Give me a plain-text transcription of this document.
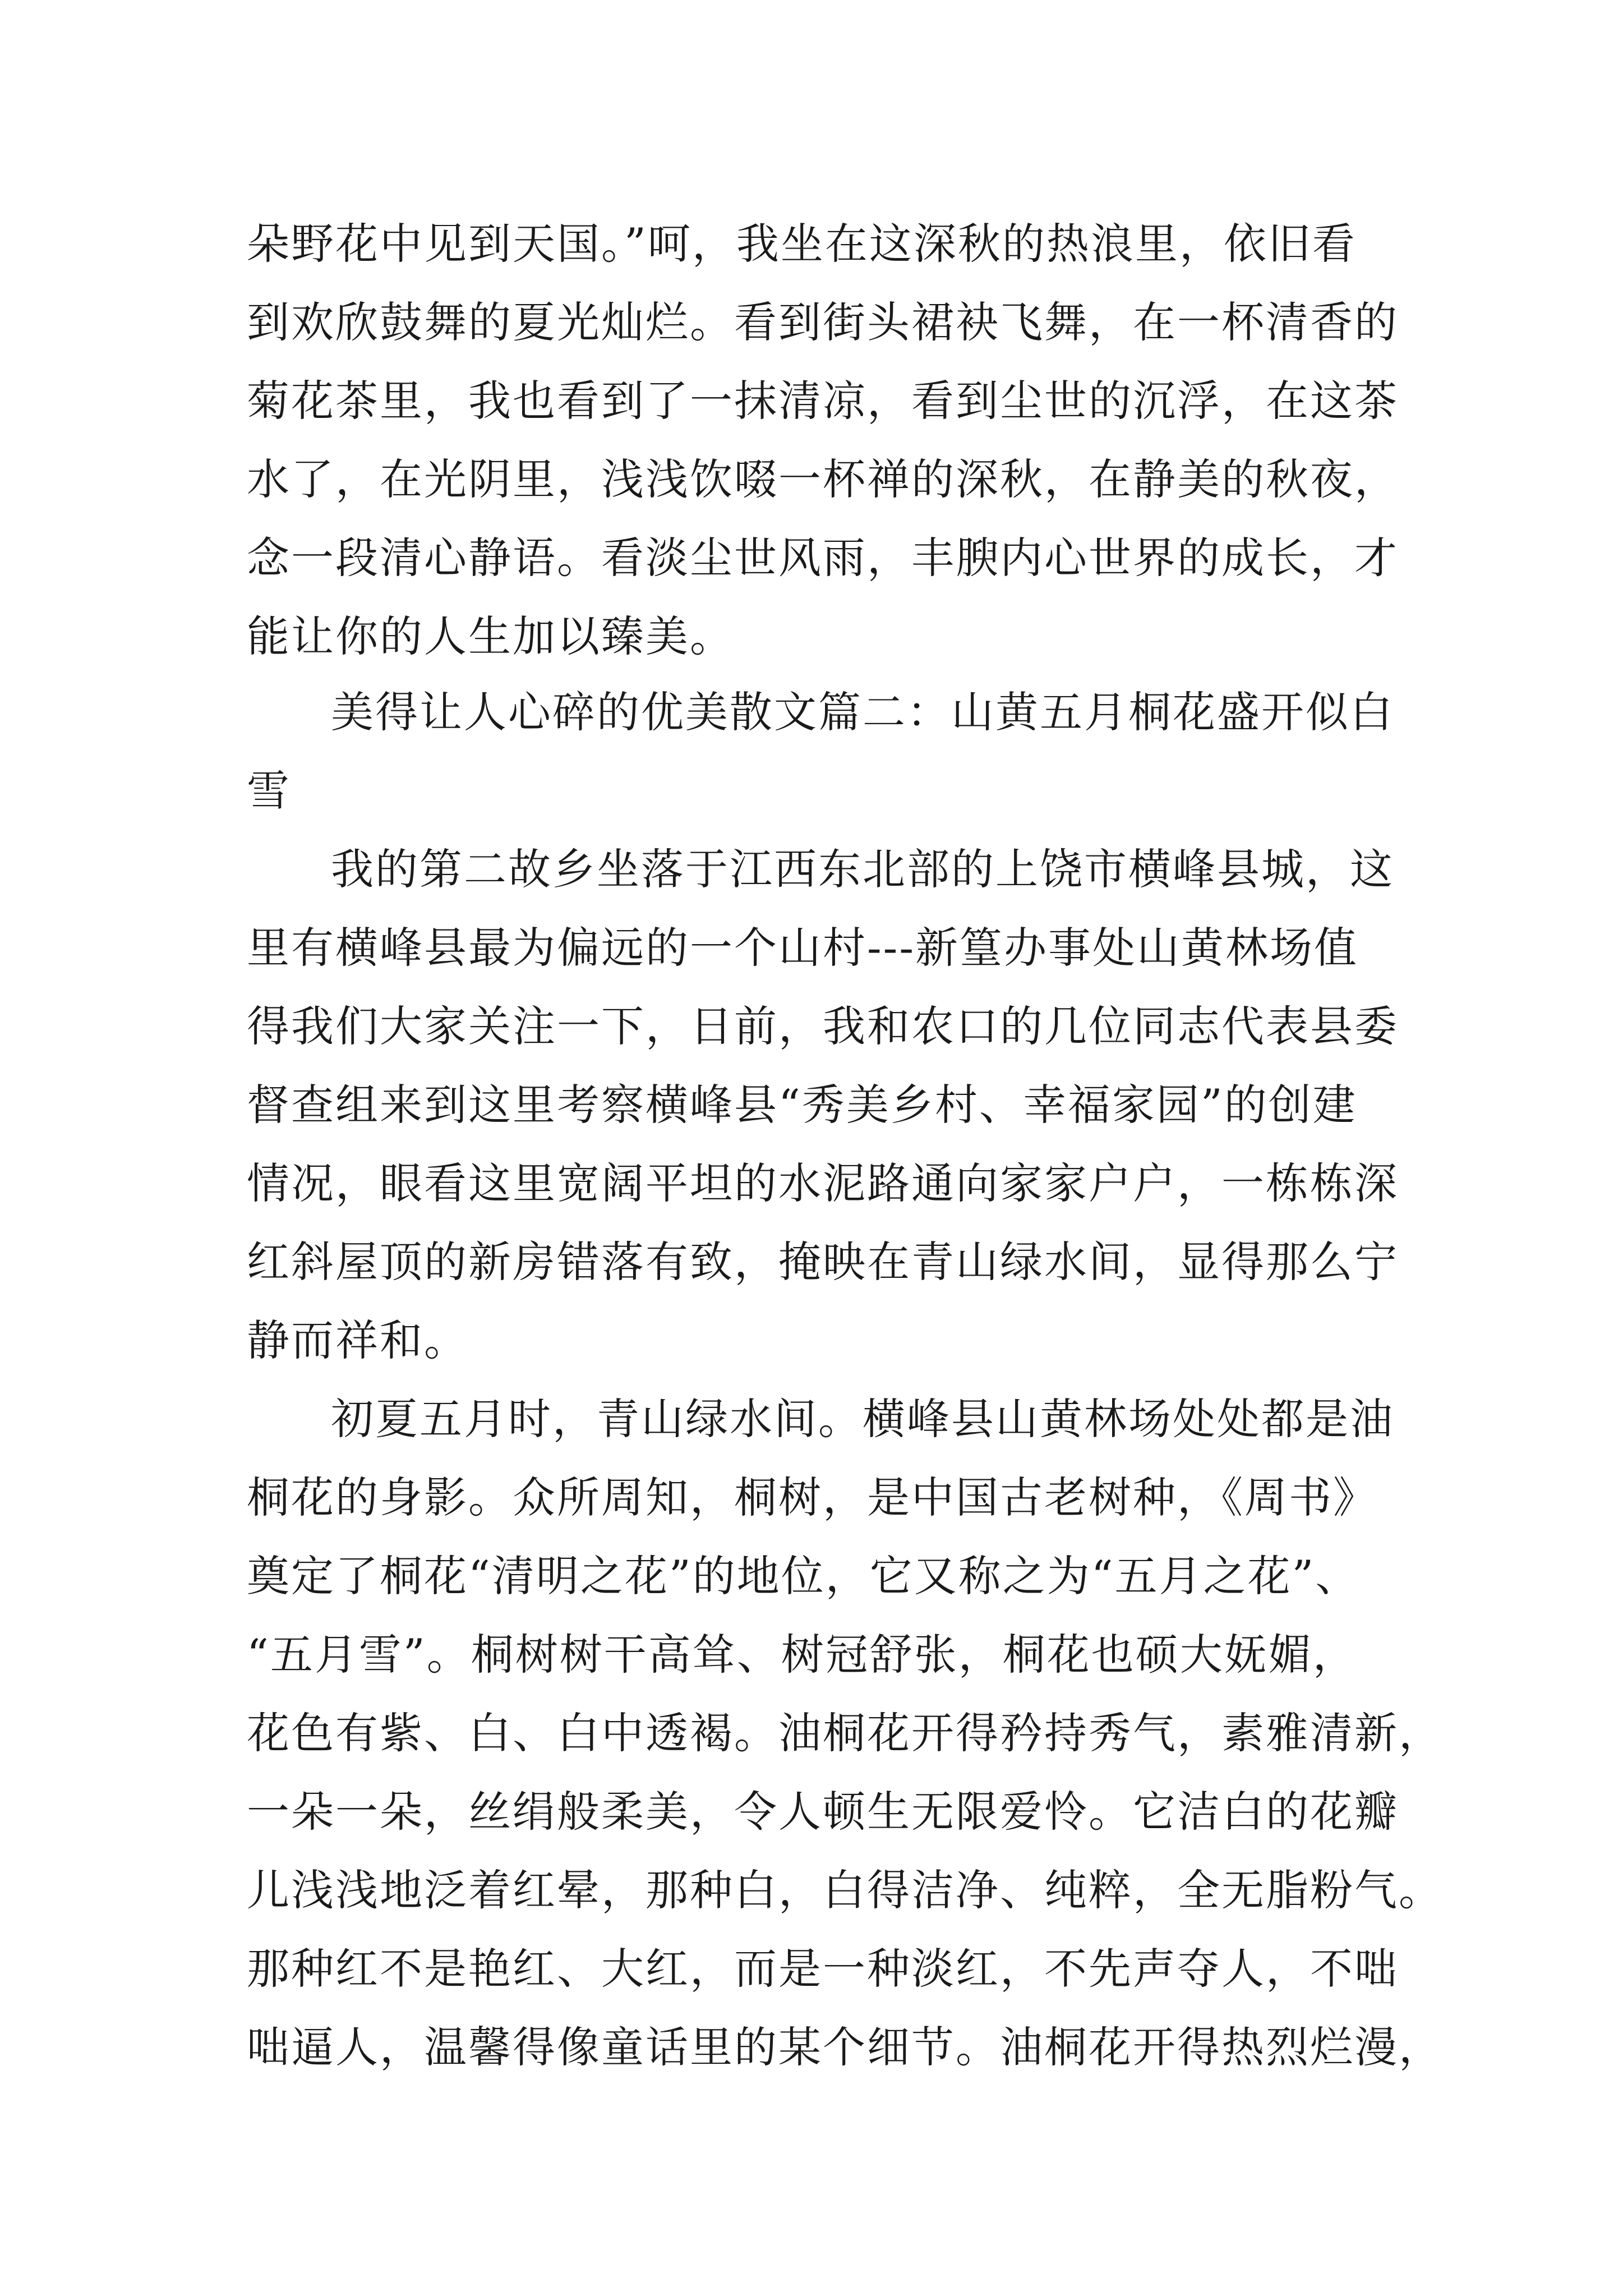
朵野花中见到天国。”呵，我坐在这深秋的热浪里，依旧看
到欢欣鼓舞的夏光灿烂。看到街头裙袂飞舞，在一杯清香的
菊花茶里，我也看到了一抹清凉，看到尘世的沉浮，在这茶
水了，在光阴里，浅浅饮啜一杯禅的深秋，在静美的秋夜，
念一段清心静语。看淡尘世风雨，丰腴内心世界的成长，才
能让你的人生加以臻美。
美得让人心碎的优美散文篇二：山黄五月桐花盛开似白
雪
我的第二故乡坐落于江西东北部的上饶市横峰县城，这
里有横峰县最为偏远的一个山村---新篁办事处山黄林场值
得我们大家关注一下，日前，我和农口的几位同志代表县委
督查组来到这里考察横峰县“秀美乡村、幸福家园”的创建
情况，眼看这里宽阔平坦的水泥路通向家家户户，一栋栋深
红斜屋顶的新房错落有致，掩映在青山绿水间，显得那么宁
静而祥和。
初夏五月时，青山绿水间。横峰县山黄林场处处都是油
桐花的身影。众所周知，桐树，是中国古老树种，《周书》
奠定了桐花“清明之花”的地位，它又称之为“五月之花”、
“五月雪”。桐树树干高耸、树冠舒张，桐花也硕大妩媚，
花色有紫、白、白中透褐。油桐花开得矜持秀气，素雅清新，
一朵一朵，丝绢般柔美，令人顿生无限爱怜。它洁白的花瓣
儿浅浅地泛着红晕，那种白，白得洁净、纯粹，全无脂粉气。
那种红不是艳红、大红，而是一种淡红，不先声夺人，不咄
咄逼人，温馨得像童话里的某个细节。油桐花开得热烈烂漫，
